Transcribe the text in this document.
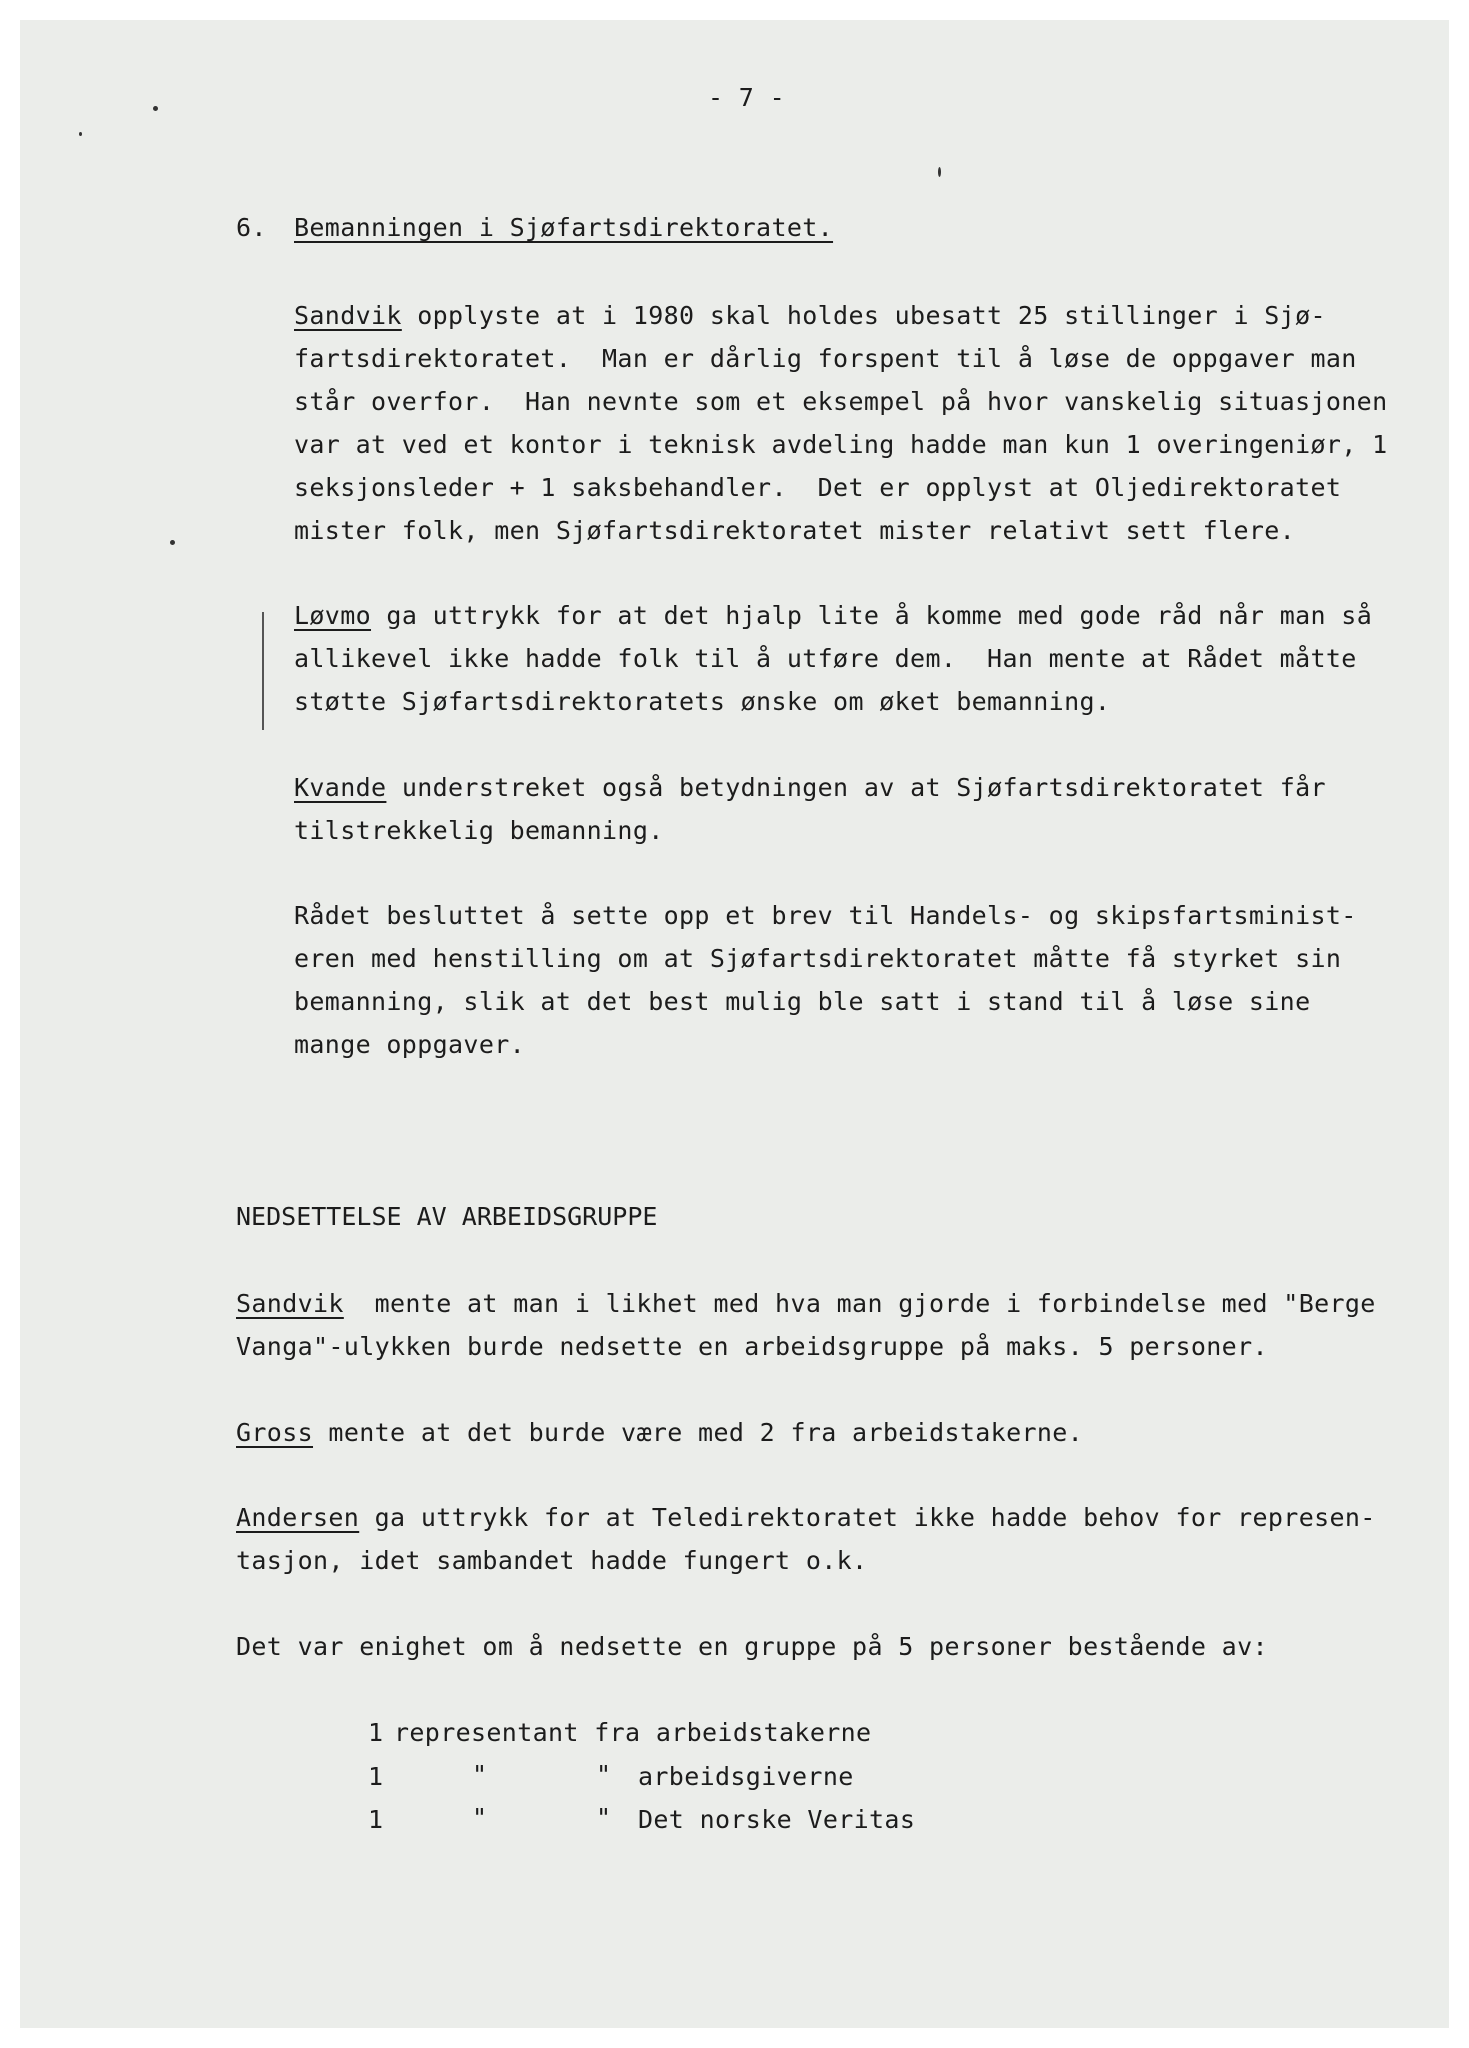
- 7 -
6. Bemanningen i Sjøfartsdirektoratet.
Sandvik opplyste at i 1980 skal holdes ubesatt 25 stillinger i Sjø-
fartsdirektoratet.  Man er dårlig forspent til å løse de oppgaver man
står overfor.  Han nevnte som et eksempel på hvor vanskelig situasjonen
var at ved et kontor i teknisk avdeling hadde man kun 1 overingeniør, 1
seksjonsleder + 1 saksbehandler.  Det er opplyst at Oljedirektoratet
mister folk, men Sjøfartsdirektoratet mister relativt sett flere.
Løvmo ga uttrykk for at det hjalp lite å komme med gode råd når man så
allikevel ikke hadde folk til å utføre dem.  Han mente at Rådet måtte
støtte Sjøfartsdirektoratets ønske om øket bemanning.
Kvande understreket også betydningen av at Sjøfartsdirektoratet får
tilstrekkelig bemanning.
Rådet besluttet å sette opp et brev til Handels- og skipsfartsminist-
eren med henstilling om at Sjøfartsdirektoratet måtte få styrket sin
bemanning, slik at det best mulig ble satt i stand til å løse sine
mange oppgaver.
NEDSETTELSE AV ARBEIDSGRUPPE
Sandvik  mente at man i likhet med hva man gjorde i forbindelse med "Berge
Vanga"-ulykken burde nedsette en arbeidsgruppe på maks. 5 personer.
Gross mente at det burde være med 2 fra arbeidstakerne.
Andersen ga uttrykk for at Teledirektoratet ikke hadde behov for represen-
tasjon, idet sambandet hadde fungert o.k.
Det var enighet om å nedsette en gruppe på 5 personer bestående av:
1 representant fra arbeidstakerne
1	"	" arbeidsgiverne
1	"	" Det norske Veritas
